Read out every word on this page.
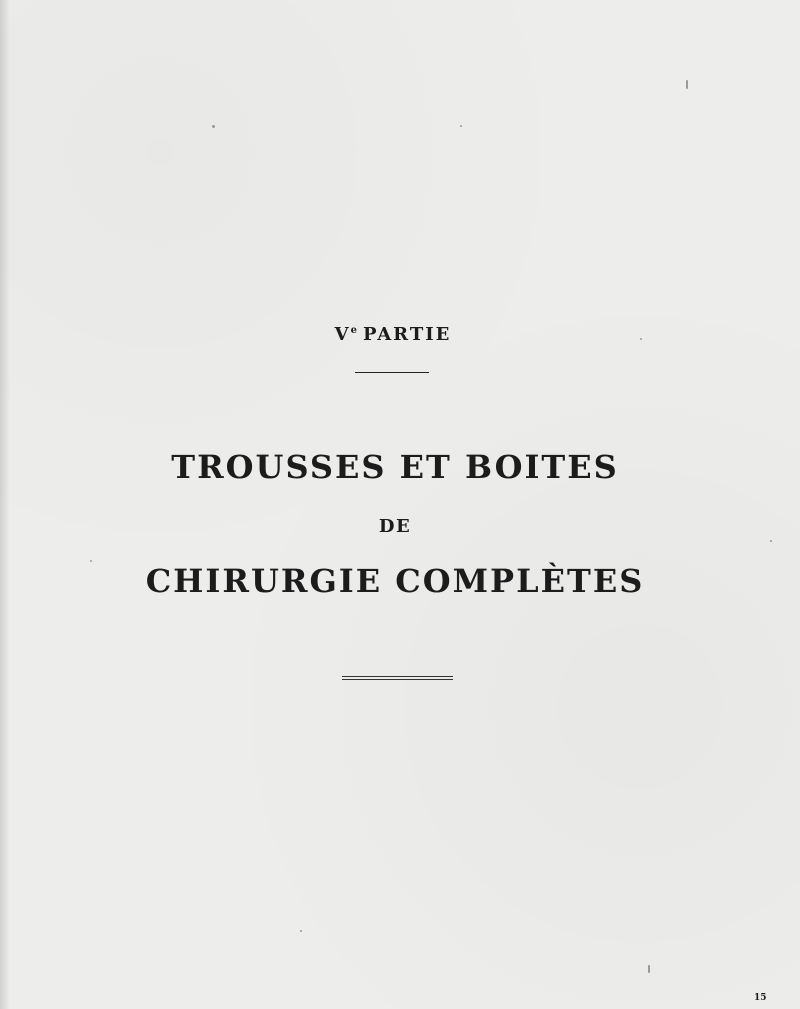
Ve PARTIE
TROUSSES ET BOITES
DE
CHIRURGIE COMPLÈTES
15
